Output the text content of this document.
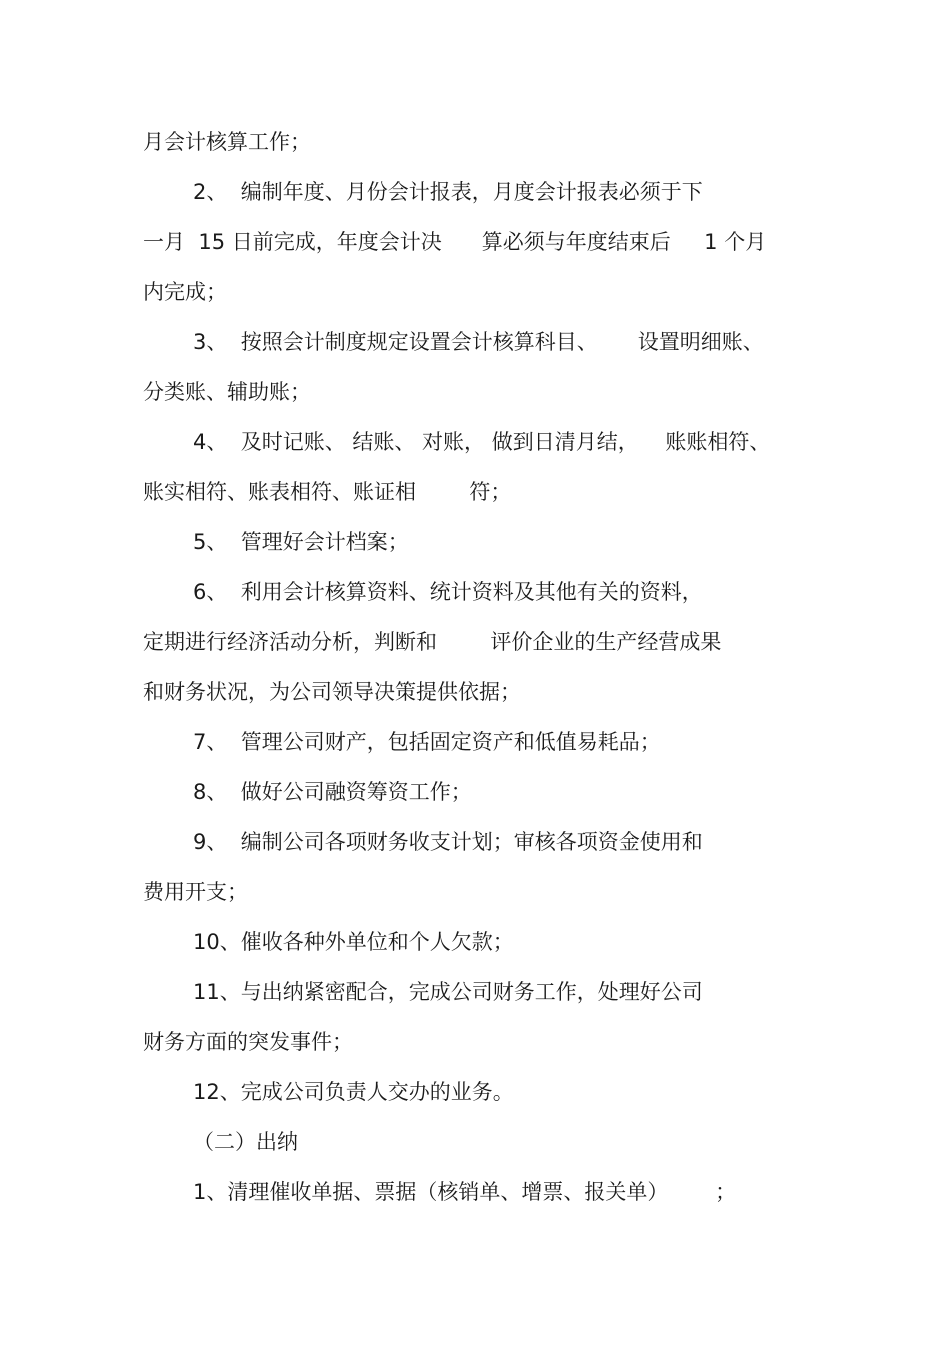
月会计核算工作；

2、  编制年度、月份会计报表，月度会计报表必须于下

一月  15 日前完成，年度会计决      算必须与年度结束后     1 个月

内完成；

3、  按照会计制度规定设置会计核算科目、      设置明细账、

分类账、辅助账；

4、  及时记账、 结账、 对账， 做到日清月结，    账账相符、

账实相符、账表相符、账证相        符；

5、  管理好会计档案；

6、  利用会计核算资料、统计资料及其他有关的资料，

定期进行经济活动分析，判断和        评价企业的生产经营成果

和财务状况，为公司领导决策提供依据；

7、  管理公司财产，包括固定资产和低值易耗品；

8、  做好公司融资筹资工作；

9、  编制公司各项财务收支计划；审核各项资金使用和

费用开支；

10、催收各种外单位和个人欠款；

11、与出纳紧密配合，完成公司财务工作，处理好公司

财务方面的突发事件；

12、完成公司负责人交办的业务。

（二）出纳

1、清理催收单据、票据（核销单、增票、报关单）       ；
